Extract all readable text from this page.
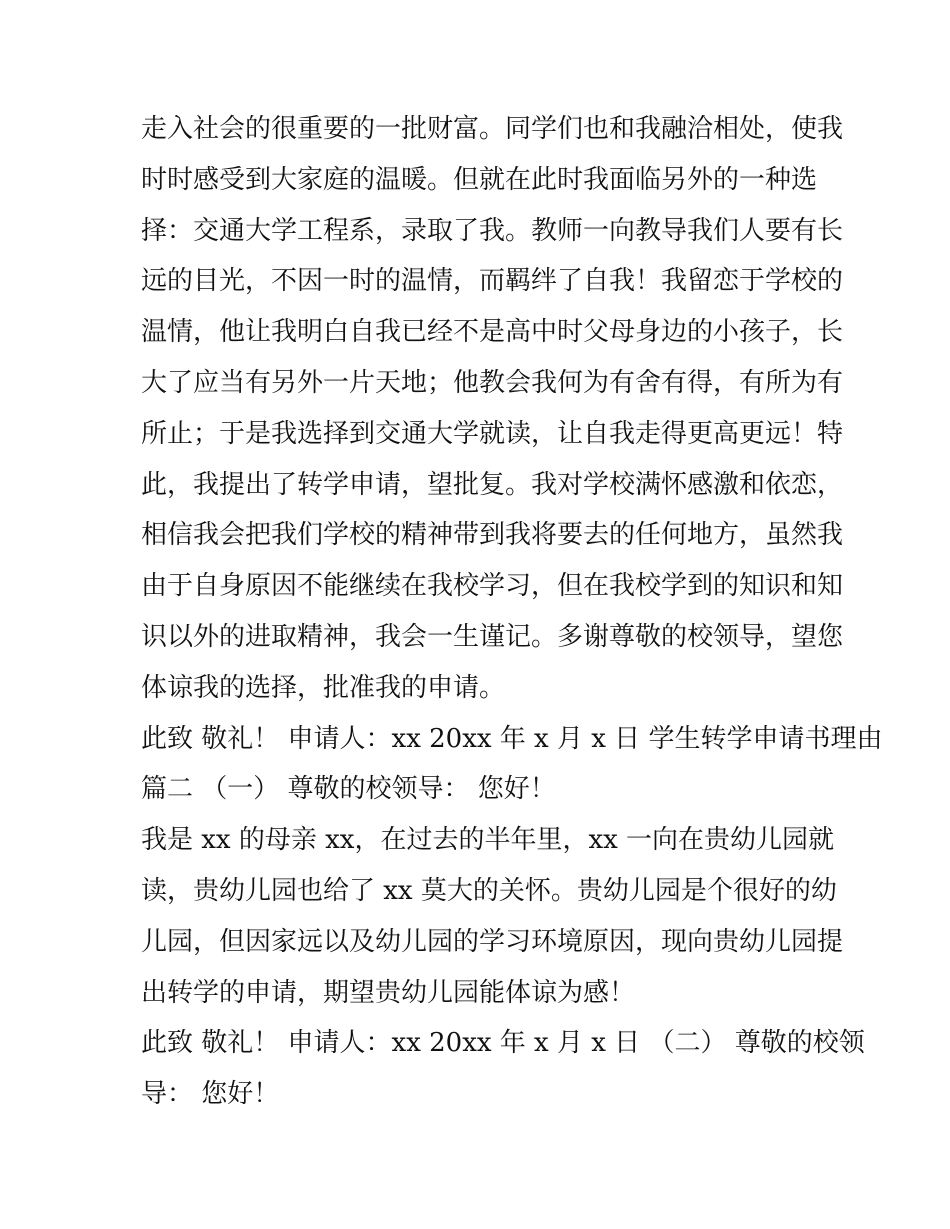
走入社会的很重要的一批财富。同学们也和我融洽相处，使我
时时感受到大家庭的温暖。但就在此时我面临另外的一种选
择：交通大学工程系，录取了我。教师一向教导我们人要有长
远的目光，不因一时的温情，而羁绊了自我！我留恋于学校的
温情，他让我明白自我已经不是高中时父母身边的小孩子，长
大了应当有另外一片天地；他教会我何为有舍有得，有所为有
所止；于是我选择到交通大学就读，让自我走得更高更远！特
此，我提出了转学申请，望批复。我对学校满怀感激和依恋，
相信我会把我们学校的精神带到我将要去的任何地方，虽然我
由于自身原因不能继续在我校学习，但在我校学到的知识和知
识以外的进取精神，我会一生谨记。多谢尊敬的校领导，望您
体谅我的选择，批准我的申请。
此致 敬礼！ 申请人：xx 20xx 年 x 月 x 日 学生转学申请书理由
篇二 （一） 尊敬的校领导： 您好！
我是 xx 的母亲 xx，在过去的半年里，xx 一向在贵幼儿园就
读，贵幼儿园也给了 xx 莫大的关怀。贵幼儿园是个很好的幼
儿园，但因家远以及幼儿园的学习环境原因，现向贵幼儿园提
出转学的申请，期望贵幼儿园能体谅为感！
此致 敬礼！ 申请人：xx 20xx 年 x 月 x 日 （二） 尊敬的校领
导： 您好！
